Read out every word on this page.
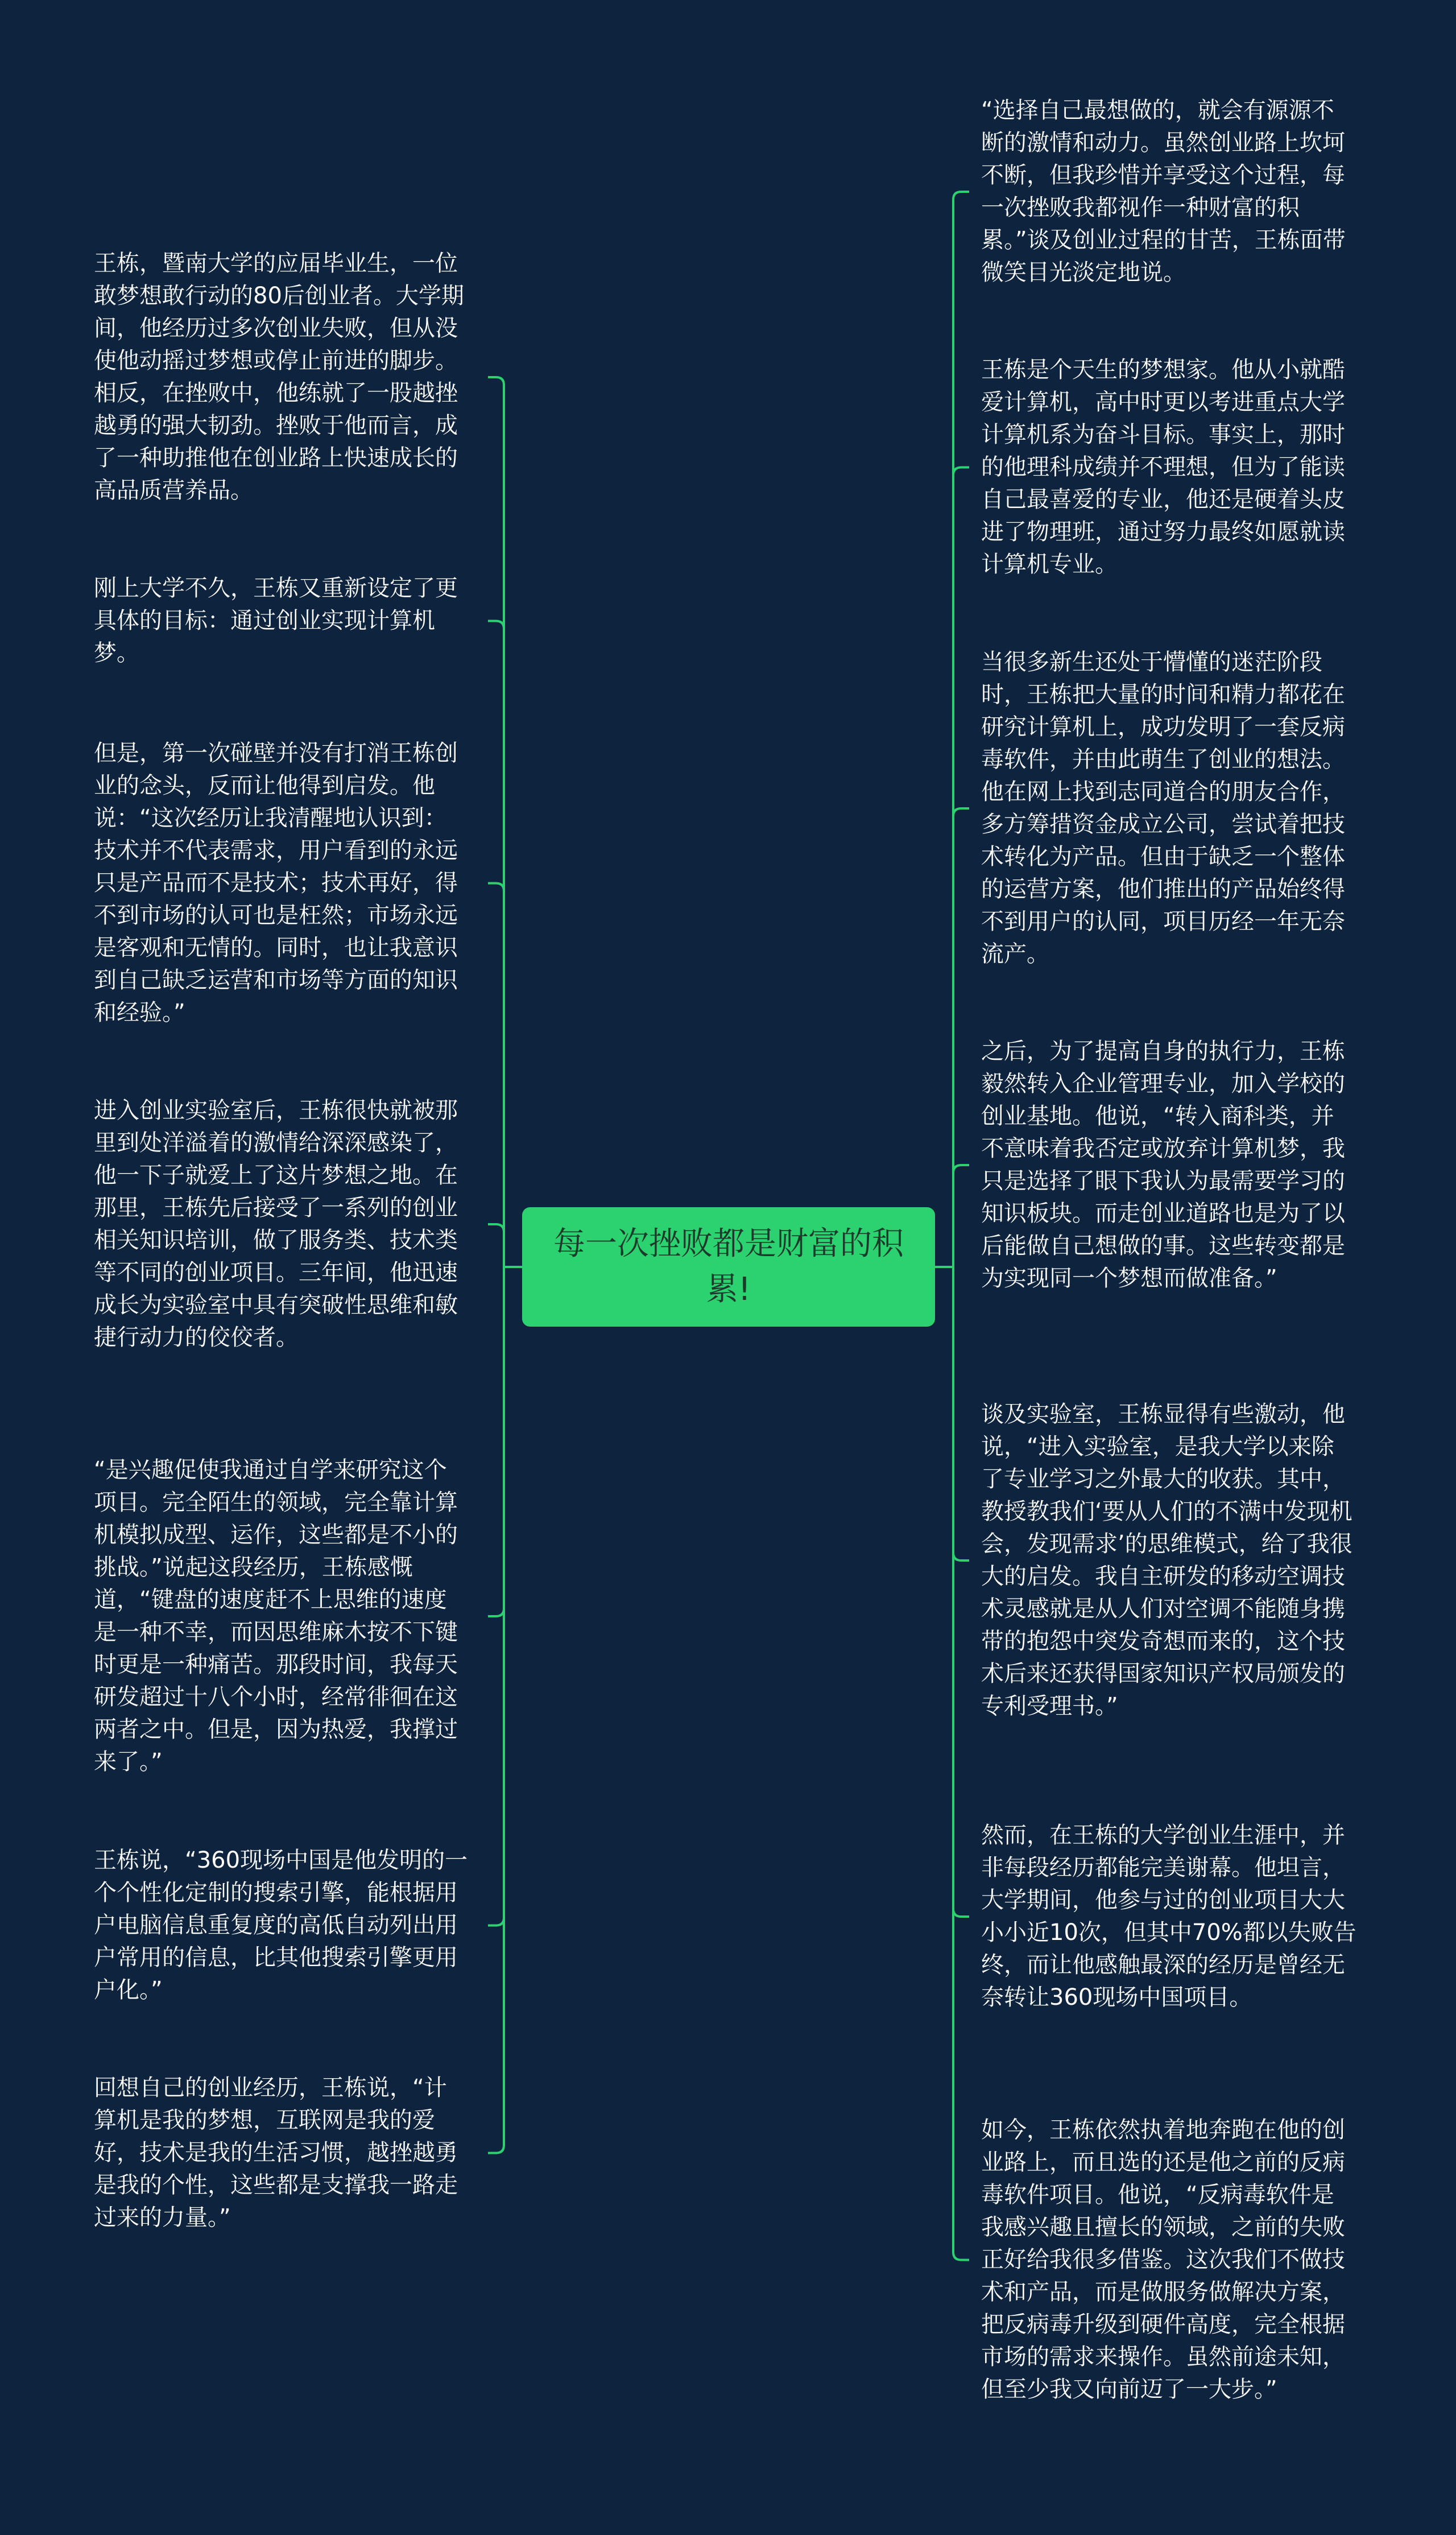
每一次挫败都是财富的积累!

王栋，暨南大学的应届毕业生，一位敢梦想敢行动的80后创业者。大学期间，他经历过多次创业失败，但从没使他动摇过梦想或停止前进的脚步。相反，在挫败中，他练就了一股越挫越勇的强大韧劲。挫败于他而言，成了一种助推他在创业路上快速成长的高品质营养品。

刚上大学不久，王栋又重新设定了更具体的目标：通过创业实现计算机梦。

但是，第一次碰壁并没有打消王栋创业的念头，反而让他得到启发。他说：“这次经历让我清醒地认识到：技术并不代表需求，用户看到的永远只是产品而不是技术；技术再好，得不到市场的认可也是枉然；市场永远是客观和无情的。同时，也让我意识到自己缺乏运营和市场等方面的知识和经验。”

进入创业实验室后，王栋很快就被那里到处洋溢着的激情给深深感染了，他一下子就爱上了这片梦想之地。在那里，王栋先后接受了一系列的创业相关知识培训，做了服务类、技术类等不同的创业项目。三年间，他迅速成长为实验室中具有突破性思维和敏捷行动力的佼佼者。

“是兴趣促使我通过自学来研究这个项目。完全陌生的领域，完全靠计算机模拟成型、运作，这些都是不小的挑战。”说起这段经历，王栋感慨道，“键盘的速度赶不上思维的速度是一种不幸，而因思维麻木按不下键时更是一种痛苦。那段时间，我每天研发超过十八个小时，经常徘徊在这两者之中。但是，因为热爱，我撑过来了。”

王栋说，“360现场中国是他发明的一个个性化定制的搜索引擎，能根据用户电脑信息重复度的高低自动列出用户常用的信息，比其他搜索引擎更用户化。”

回想自己的创业经历，王栋说，“计算机是我的梦想，互联网是我的爱好，技术是我的生活习惯，越挫越勇是我的个性，这些都是支撑我一路走过来的力量。”

“选择自己最想做的，就会有源源不断的激情和动力。虽然创业路上坎坷不断，但我珍惜并享受这个过程，每一次挫败我都视作一种财富的积累。”谈及创业过程的甘苦，王栋面带微笑目光淡定地说。

王栋是个天生的梦想家。他从小就酷爱计算机，高中时更以考进重点大学计算机系为奋斗目标。事实上，那时的他理科成绩并不理想，但为了能读自己最喜爱的专业，他还是硬着头皮进了物理班，通过努力最终如愿就读计算机专业。

当很多新生还处于懵懂的迷茫阶段时，王栋把大量的时间和精力都花在研究计算机上，成功发明了一套反病毒软件，并由此萌生了创业的想法。他在网上找到志同道合的朋友合作，多方筹措资金成立公司，尝试着把技术转化为产品。但由于缺乏一个整体的运营方案，他们推出的产品始终得不到用户的认同，项目历经一年无奈流产。

之后，为了提高自身的执行力，王栋毅然转入企业管理专业，加入学校的创业基地。他说，“转入商科类，并不意味着我否定或放弃计算机梦，我只是选择了眼下我认为最需要学习的知识板块。而走创业道路也是为了以后能做自己想做的事。这些转变都是为实现同一个梦想而做准备。”

谈及实验室，王栋显得有些激动，他说，“进入实验室，是我大学以来除了专业学习之外最大的收获。其中，教授教我们‘要从人们的不满中发现机会，发现需求’的思维模式，给了我很大的启发。我自主研发的移动空调技术灵感就是从人们对空调不能随身携带的抱怨中突发奇想而来的，这个技术后来还获得国家知识产权局颁发的专利受理书。”

然而，在王栋的大学创业生涯中，并非每段经历都能完美谢幕。他坦言，大学期间，他参与过的创业项目大大小小近10次，但其中70%都以失败告终，而让他感触最深的经历是曾经无奈转让360现场中国项目。

如今，王栋依然执着地奔跑在他的创业路上，而且选的还是他之前的反病毒软件项目。他说，“反病毒软件是我感兴趣且擅长的领域，之前的失败正好给我很多借鉴。这次我们不做技术和产品，而是做服务做解决方案，把反病毒升级到硬件高度，完全根据市场的需求来操作。虽然前途未知，但至少我又向前迈了一大步。”
